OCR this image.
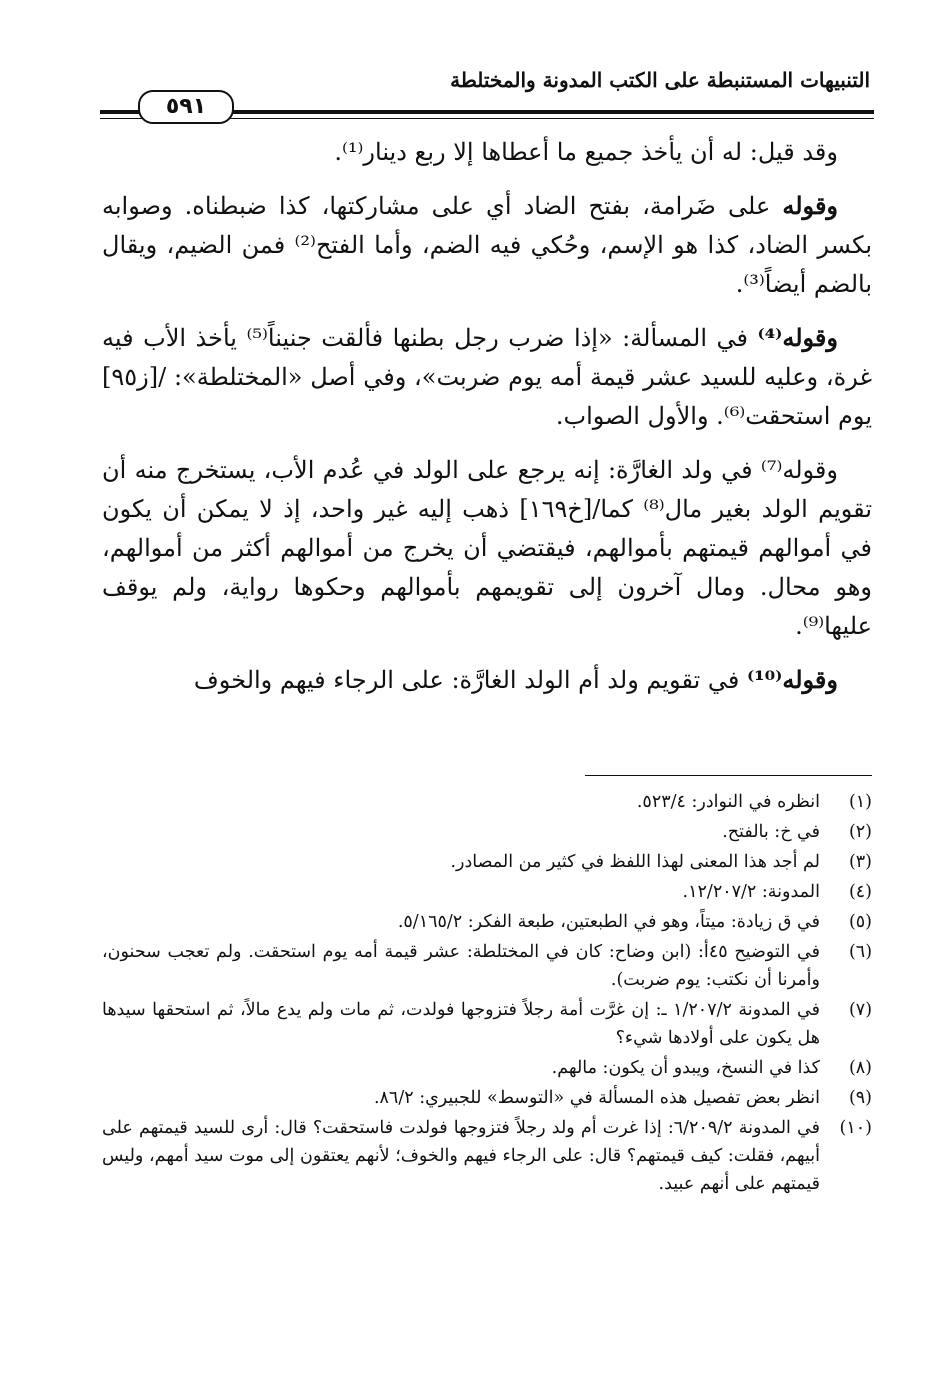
التنبيهات المستنبطة على الكتب المدونة والمختلطة
٥٩١

وقد قيل: له أن يأخذ جميع ما أعطاها إلا ربع دينار⁽¹⁾.

وقوله على ضَرامة، بفتح الضاد أي على مشاركتها، كذا ضبطناه. وصوابه بكسر الضاد، كذا هو الإسم، وحُكي فيه الضم، وأما الفتح⁽²⁾ فمن الضيم، ويقال بالضم أيضاً⁽³⁾.

وقوله⁽⁴⁾ في المسألة: «إذا ضرب رجل بطنها فألقت جنيناً⁽⁵⁾ يأخذ الأب فيه غرة، وعليه للسيد عشر قيمة أمه يوم ضربت»، وفي أصل «المختلطة»: /[ز٩٥] يوم استحقت⁽⁶⁾. والأول الصواب.

وقوله⁽⁷⁾ في ولد الغارَّة: إنه يرجع على الولد في عُدم الأب، يستخرج منه أن تقويم الولد بغير مال⁽⁸⁾ كما/[خ١٦٩] ذهب إليه غير واحد، إذ لا يمكن أن يكون في أموالهم قيمتهم بأموالهم، فيقتضي أن يخرج من أموالهم أكثر من أموالهم، وهو محال. ومال آخرون إلى تقويمهم بأموالهم وحكوها رواية، ولم يوقف عليها⁽⁹⁾.

وقوله⁽¹⁰⁾ في تقويم ولد أم الولد الغارَّة: على الرجاء فيهم والخوف

(١)انظره في النوادر: ٥٢٣/٤.

(٢)في خ: بالفتح.

(٣)لم أجد هذا المعنى لهذا اللفظ في كثير من المصادر.

(٤)المدونة: ١٢/٢٠٧/٢.

(٥)في ق زيادة: ميتاً، وهو في الطبعتين، طبعة الفكر: ٥/١٦٥/٢.

(٦)في التوضيح ٤٥أ: (ابن وضاح: كان في المختلطة: عشر قيمة أمه يوم استحقت. ولم تعجب سحنون، وأمرنا أن نكتب: يوم ضربت).

(٧)في المدونة ١/٢٠٧/٢ ـ: إن غرَّت أمة رجلاً فتزوجها فولدت، ثم مات ولم يدع مالاً، ثم استحقها سيدها هل يكون على أولادها شيء؟

(٨)كذا في النسخ، ويبدو أن يكون: مالهم.

(٩)انظر بعض تفصيل هذه المسألة في «التوسط» للجبيري: ٨٦/٢.

(١٠)في المدونة ٦/٢٠٩/٢: إذا غرت أم ولد رجلاً فتزوجها فولدت فاستحقت؟ قال: أرى للسيد قيمتهم على أبيهم، فقلت: كيف قيمتهم؟ قال: على الرجاء فيهم والخوف؛ لأنهم يعتقون إلى موت سيد أمهم، وليس قيمتهم على أنهم عبيد.
